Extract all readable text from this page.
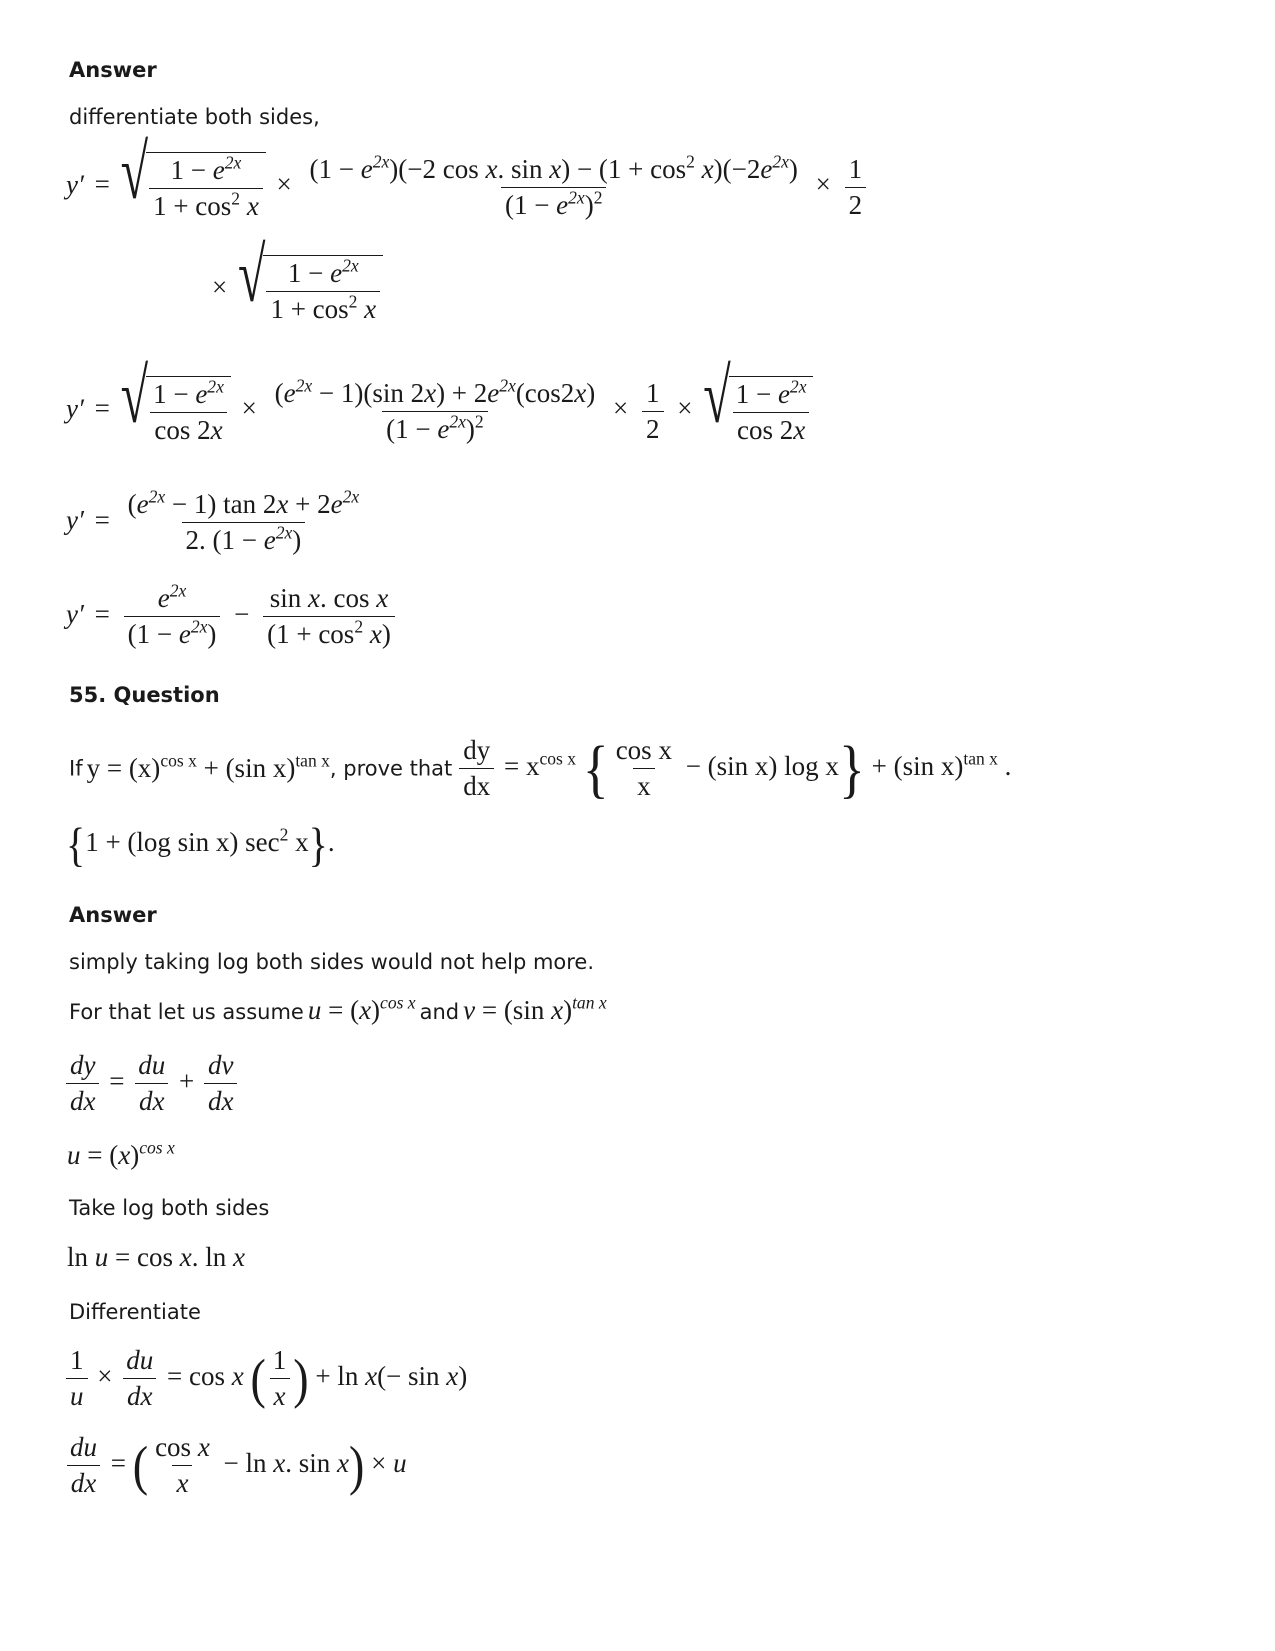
Answer
differentiate both sides,
y′ = √ $\frac{1 - e^{2x}}{1 + \cos^2 x} \times \frac{(1 - e^{2x})(-2 \cos x. \sin x) - (1 + \cos^2 x)(-2e^{2x})}{(1 - e^{2x})^2} \times \frac{1}{2}$
× √ $\frac{1 - e^{2x}}{1 + \cos^2 x}$
y′ = √ $\frac{1 - e^{2x}}{\cos 2x} \times \frac{(e^{2x} - 1)(\sin 2x) + 2e^{2x}(\cos 2x)}{(1 - e^{2x})^2} \times \frac{1}{2}$ × √ $\frac{1 - e^{2x}}{\cos 2x}$
$y' = \frac{(e^{2x} - 1) \tan 2x + 2e^{2x}}{2. (1 - e^{2x})}$
$y' = \frac{e^{2x}}{(1 - e^{2x})} - \frac{\text{sin x. cos x}}{(1 + \cos^2 x)}$
55. Question
If $y = (x)^{cos x} + (\sin$ x)$^{tan x}$, prove that $\frac{dy}{dx} = x^{cos x}$ { $\frac{\text{cos x}}{x} - (\sin$ x) log x} + (sin x)$^{tan x}$ .
{1 + (log sin x) $\sec^2 x$}.
Answer
simply taking log both sides would not help more.
For that let us assume $u = (x)^{cos x}$ and v = (sin x)$^{tan x}$
$\frac{dy}{dx} = \frac{du}{dx} + \frac{dv}{dx}$
$u = (x)^{cos x}$
Take log both sides
ln u = cos x. ln x
Differentiate
$\frac{1}{u} \times \frac{du}{dx} = \cos x$ ( $\frac{1}{x}$ ) + ln x(− sin x)
$\frac{du}{dx}$ = ( $\frac{\text{cos x}}{x} - \ln x$. sin x) × u
